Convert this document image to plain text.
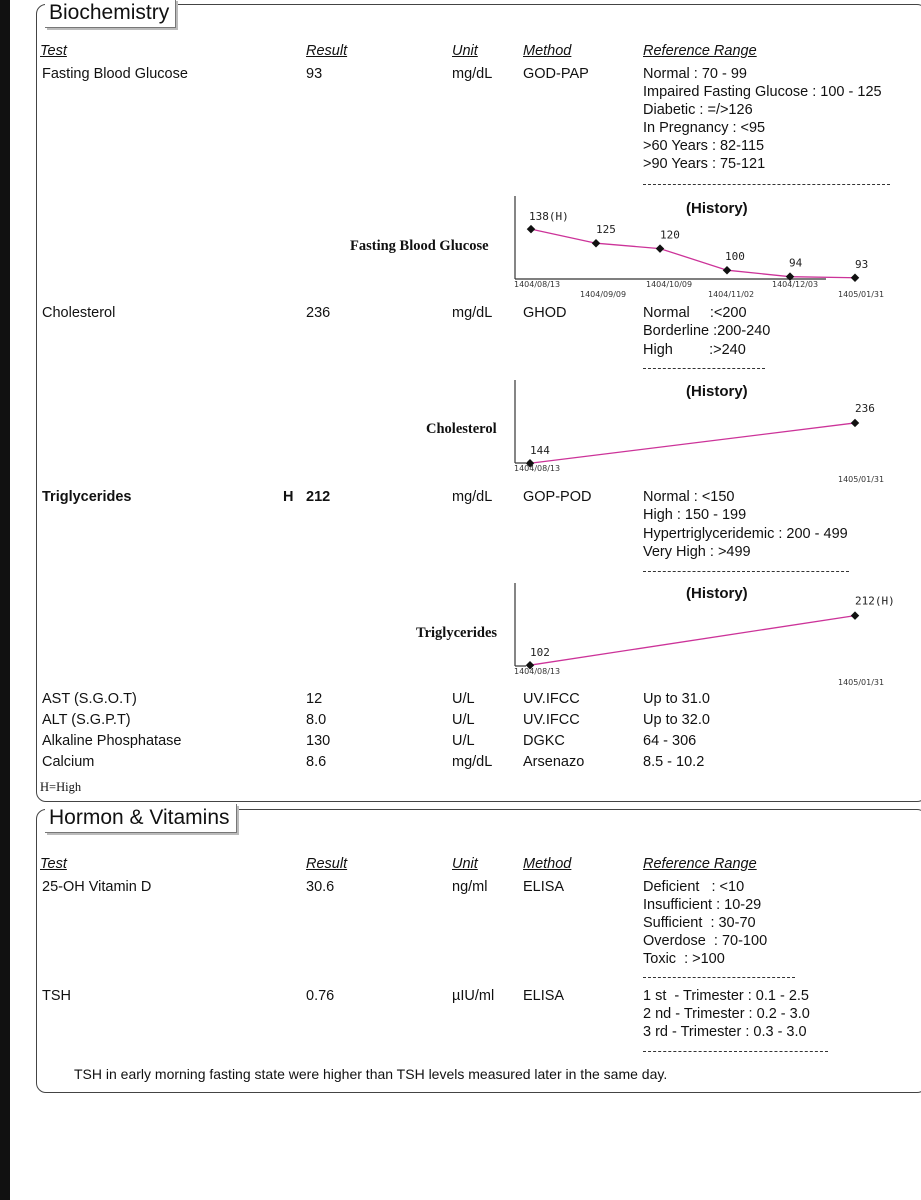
Biochemistry
Test	Result	Unit	Method	Reference Range
Fasting Blood Glucose	93	mg/dL GOD-PAP	Normal : 70 - 99
Impaired Fasting Glucose : 100 - 125
Diabetic : =/>126
In Pregnancy : <95
>60 Years : 82-115
>90 Years : 75-121
Fasting Blood Glucose
(History)
138(H)
1404/08/13
125
1404/09/09
120
1404/10/09
100
1404/11/02
94
1404/12/03
93
1405/01/31
Cholesterol	236	mg/dL GHOD	Normal     :<200
Borderline :200-240
High         :>240
Cholesterol
(History)
144
1404/08/13
236
1405/01/31
Triglycerides	H 212	mg/dL GOP-POD	Normal : <150
High : 150 - 199
Hypertriglyceridemic : 200 - 499
Very High : >499
Triglycerides
(History)
102
1404/08/13
212(H)
1405/01/31
AST (S.G.O.T)	12	U/L	UV.IFCC	Up to 31.0
ALT (S.G.P.T)	8.0	U/L	UV.IFCC	Up to 32.0
Alkaline Phosphatase	130	U/L	DGKC	64 - 306
Calcium	8.6	mg/dL Arsenazo	8.5 - 10.2
H=High
Hormon & Vitamins
Test	Result	Unit	Method	Reference Range
25-OH Vitamin D	30.6	ng/ml ELISA	Deficient   : <10
Insufficient : 10-29
Sufficient  : 30-70
Overdose  : 70-100
Toxic  : >100
TSH	0.76	µIU/ml ELISA	1 st  - Trimester : 0.1 - 2.5
2 nd - Trimester : 0.2 - 3.0
3 rd - Trimester : 0.3 - 3.0
TSH in early morning fasting state were higher than TSH levels measured later in the same day.
